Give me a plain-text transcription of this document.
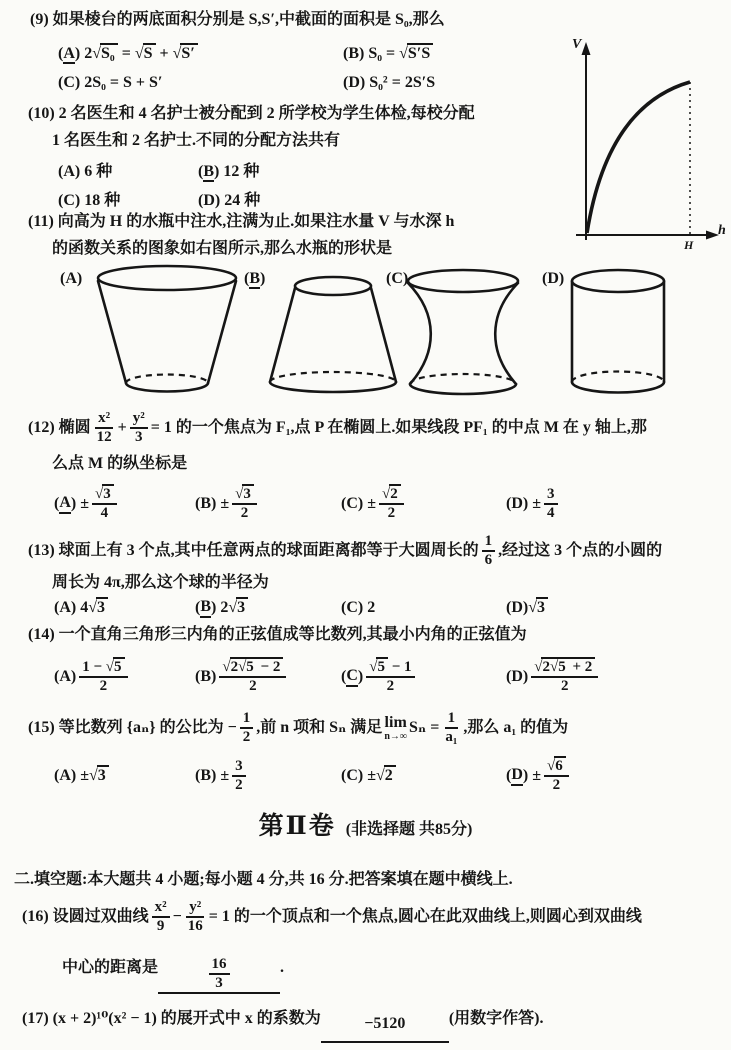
(9) 如果棱台的两底面积分别是 S,S′,中截面的面积是 S₀,那么
(A) 2√S₀ = √S + √S′	(B) S₀ = √S′S
(C) 2S₀ = S + S′	(D) S₀² = 2S′S
(10) 2 名医生和 4 名护士被分配到 2 所学校为学生体检,每校分配
1 名医生和 2 名护士.不同的分配方法共有
(A) 6 种	(B) 12 种
(C) 18 种	(D) 24 种
V
h
H
(11) 向高为 H 的水瓶中注水,注满为止.如果注水量 V 与水深 h
的函数关系的图象如右图所示,那么水瓶的形状是
(A)	(B)	(C)	(D)
(12) 椭圆 $\frac{\text{x²}}{12} + \frac{\text{y²}}{3} = 1$ 的一个焦点为 F₁,点 P 在椭圆上.如果线段 PF₁ 的中点 M 在 y 轴上,那
么点 M 的纵坐标是
( A ) ± $\frac{√3}{4}$	$(B) \pm \frac{√3}{2}$	$(C) \pm \frac{√2}{2}$	$(D) \pm \frac{3}{4}$
(13) 球面上有 3 个点,其中任意两点的球面距离都等于大圆周长的 $\frac{1}{6}$ ,经过这 3 个点的小圆的
周长为 4π,那么这个球的半径为
(A) 4 √3	( B ) 2 √3	(C) 2	(D) √3
(14) 一个直角三角形三内角的正弦值成等比数列,其最小内角的正弦值为
$(A) \frac{1 - √5}{2}$	$(B) \frac{√2√5 - 2}{2}$	( C ) $\frac{√5 - 1}{2}$	$(D) \frac{√2√5 + 2}{2}$
(15) 等比数列 {aₙ} 的公比为 − $\frac{1}{2}$ ,前 n 项和 Sₙ 满足 lim
n→∞
$S_n = \frac{1}{\text{a₁}}$ ,那么 a₁ 的值为
(A) ± √3	$(B) \pm \frac{3}{2}$	(C) ± √2	( D ) ± $\frac{√6}{2}$
第Ⅱ卷 (非选择题 共85分)
二.填空题:本大题共 4 小题;每小题 4 分,共 16 分.把答案填在题中横线上.
(16) 设圆过双曲线 $\frac{\text{x²}}{9} - \frac{\text{y²}}{16} = 1$ 的一个顶点和一个焦点,圆心在此双曲线上,则圆心到双曲线
中心的距离是	$\frac{16}{3}$	.
(17) (x + 2)¹⁰(x² − 1) 的展开式中 x 的系数为	−5120	(用数字作答).
